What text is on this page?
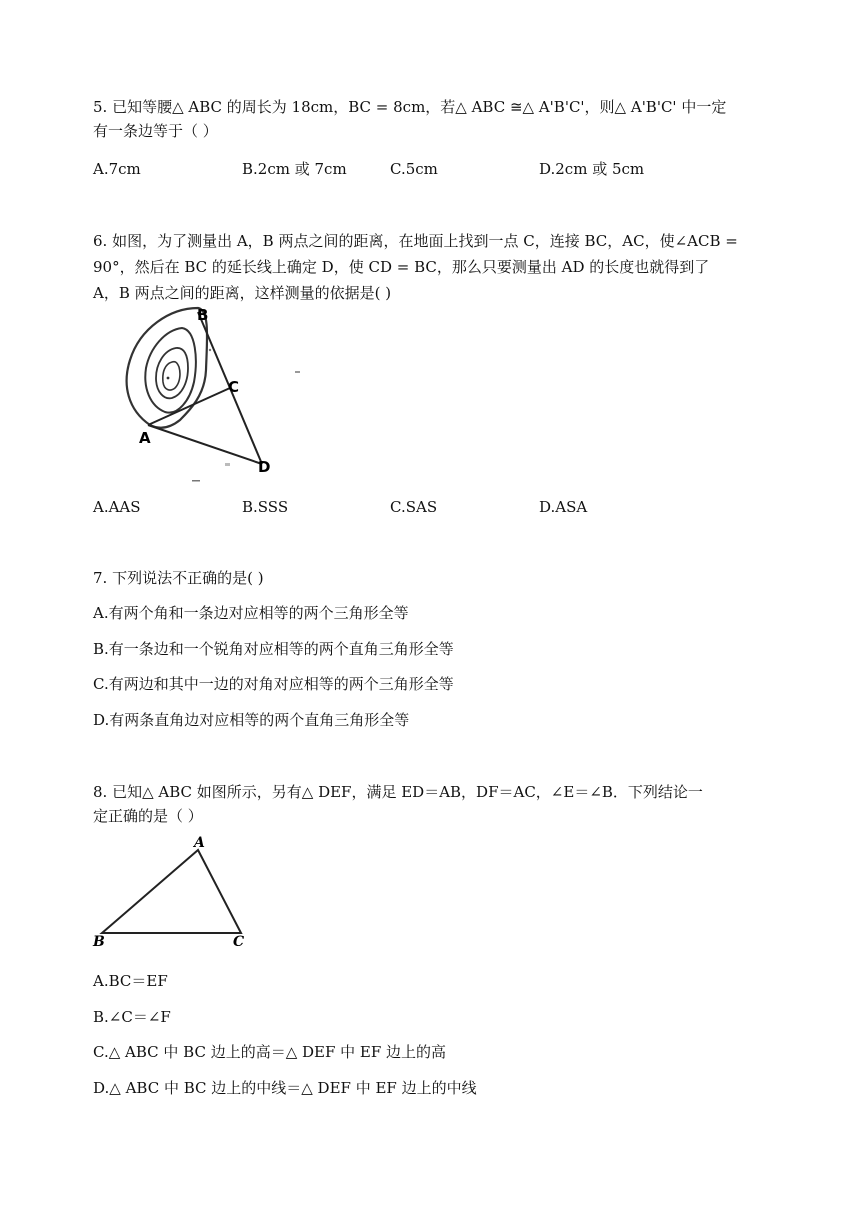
5. 已知等腰△ ABC 的周长为 18cm，BC = 8cm，若△ ABC ≅△ A'B'C'，则△ A'B'C' 中一定
有一条边等于（ ）
A.7cm	B.2cm 或 7cm	C.5cm	D.2cm 或 5cm
6. 如图，为了测量出 A，B 两点之间的距离，在地面上找到一点 C，连接 BC，AC，使∠ACB =
90°，然后在 BC 的延长线上确定 D，使 CD = BC，那么只要测量出 AD 的长度也就得到了
A，B 两点之间的距离，这样测量的依据是( )
B
C
A
D
A.AAS	B.SSS	C.SAS	D.ASA
7. 下列说法不正确的是( )
A.有两个角和一条边对应相等的两个三角形全等
B.有一条边和一个锐角对应相等的两个直角三角形全等
C.有两边和其中一边的对角对应相等的两个三角形全等
D.有两条直角边对应相等的两个直角三角形全等
8. 已知△ ABC 如图所示，另有△ DEF，满足 ED＝AB，DF＝AC，∠E＝∠B．下列结论一
定正确的是（ ）
A
B	C
A.BC＝EF
B.∠C＝∠F
C.△ ABC 中 BC 边上的高＝△ DEF 中 EF 边上的高
D.△ ABC 中 BC 边上的中线＝△ DEF 中 EF 边上的中线
